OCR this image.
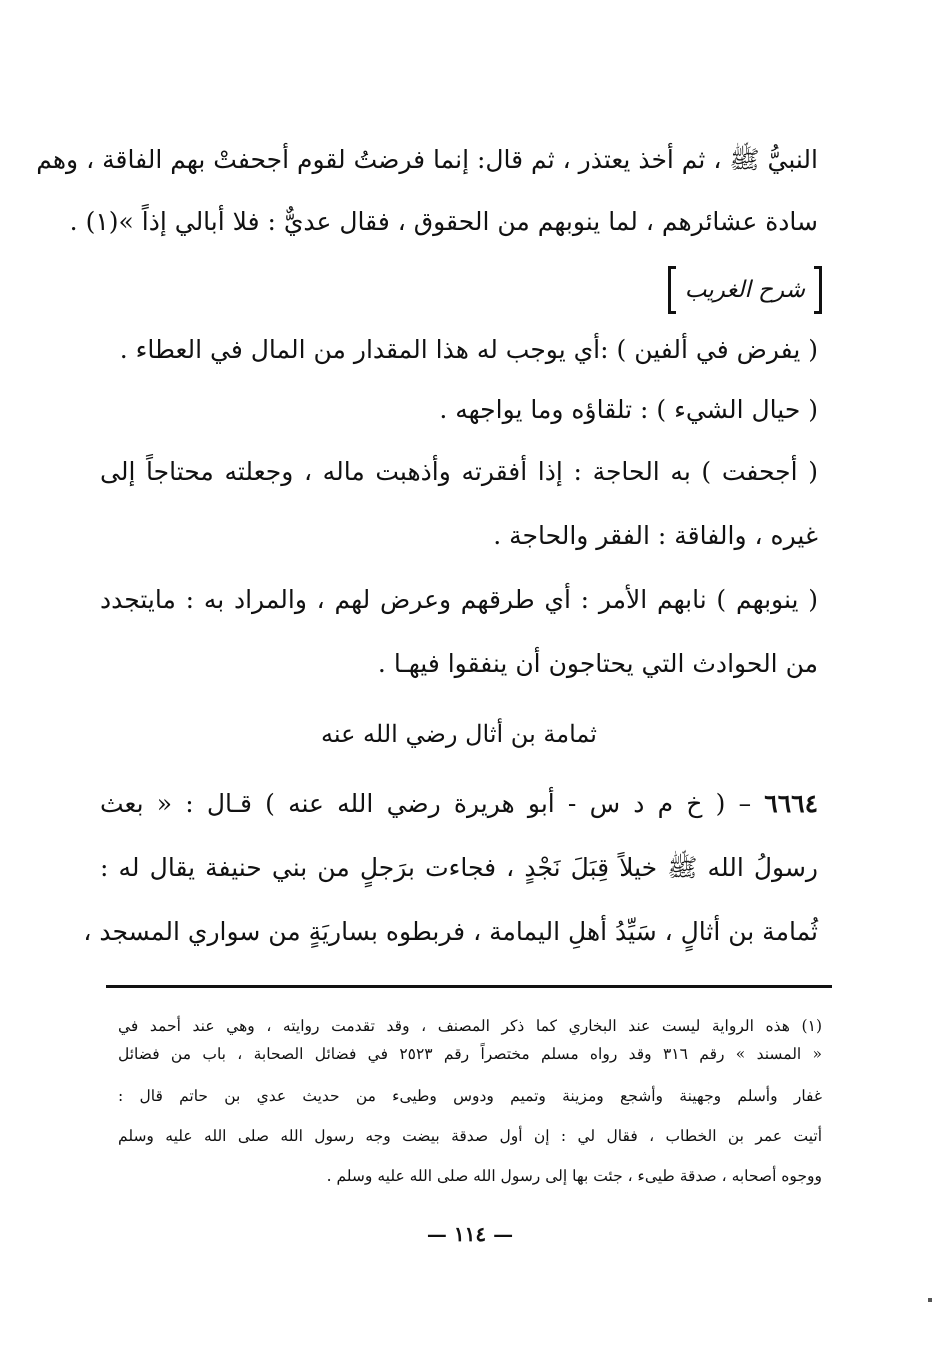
النبيُّ ﷺ ، ثم أخذ يعتذر ، ثم قال: إنما فرضتُ لقوم أجحفتْ بهم الفاقة ، وهم
سادة عشائرهم ، لما ينوبهم من الحقوق ، فقال عديٌّ : فلا أبالي إذاً »(١) .
شرح الغريب
( يفرض في ألفين ) :أي يوجب له هذا المقدار من المال في العطاء .
( حيال الشيء ) : تلقاؤه وما يواجهه .
( أجحفت ) به الحاجة : إذا أفقرته وأذهبت ماله ، وجعلته محتاجاً إلى
غيره ، والفاقة : الفقر والحاجة .
( ينوبهم ) نابهم الأمر : أي طرقهم وعرض لهم ، والمراد به : مايتجدد
من الحوادث التي يحتاجون أن ينفقوا فيهـا .
ثمامة بن أثال رضي الله عنه
٦٦٦٤ – ( خ م د س - أبو هريرة رضي الله عنه ) قـال : « بعث
رسولُ الله ﷺ خيلاً قِبَلَ نَجْدٍ ، فجاءت برَجلٍ من بني حنيفة يقال له :
ثُمامة بن أثالٍ ، سَيِّدُ أهلِ اليمامة ، فربطوه بساريَةٍ من سواري المسجد ،
(١) هذه الرواية ليست عند البخاري كما ذكر المصنف ، وقد تقدمت روايته ، وهي عند أحمد في
« المسند » رقم ٣١٦ وقد رواه مسلم مختصراً رقم ٢٥٢٣ في فضائل الصحابة ، باب من فضائل
غفار وأسلم وجهينة وأشجع ومزينة وتميم ودوس وطيىء من حديث عدي بن حاتم قال :
أتيت عمر بن الخطاب ، فقال لي : إن أول صدقة بيضت وجه رسول الله صلى الله عليه وسلم
ووجوه أصحابه ، صدقة طيىء ، جئت بها إلى رسول الله صلى الله عليه وسلم .
— ١١٤ —
